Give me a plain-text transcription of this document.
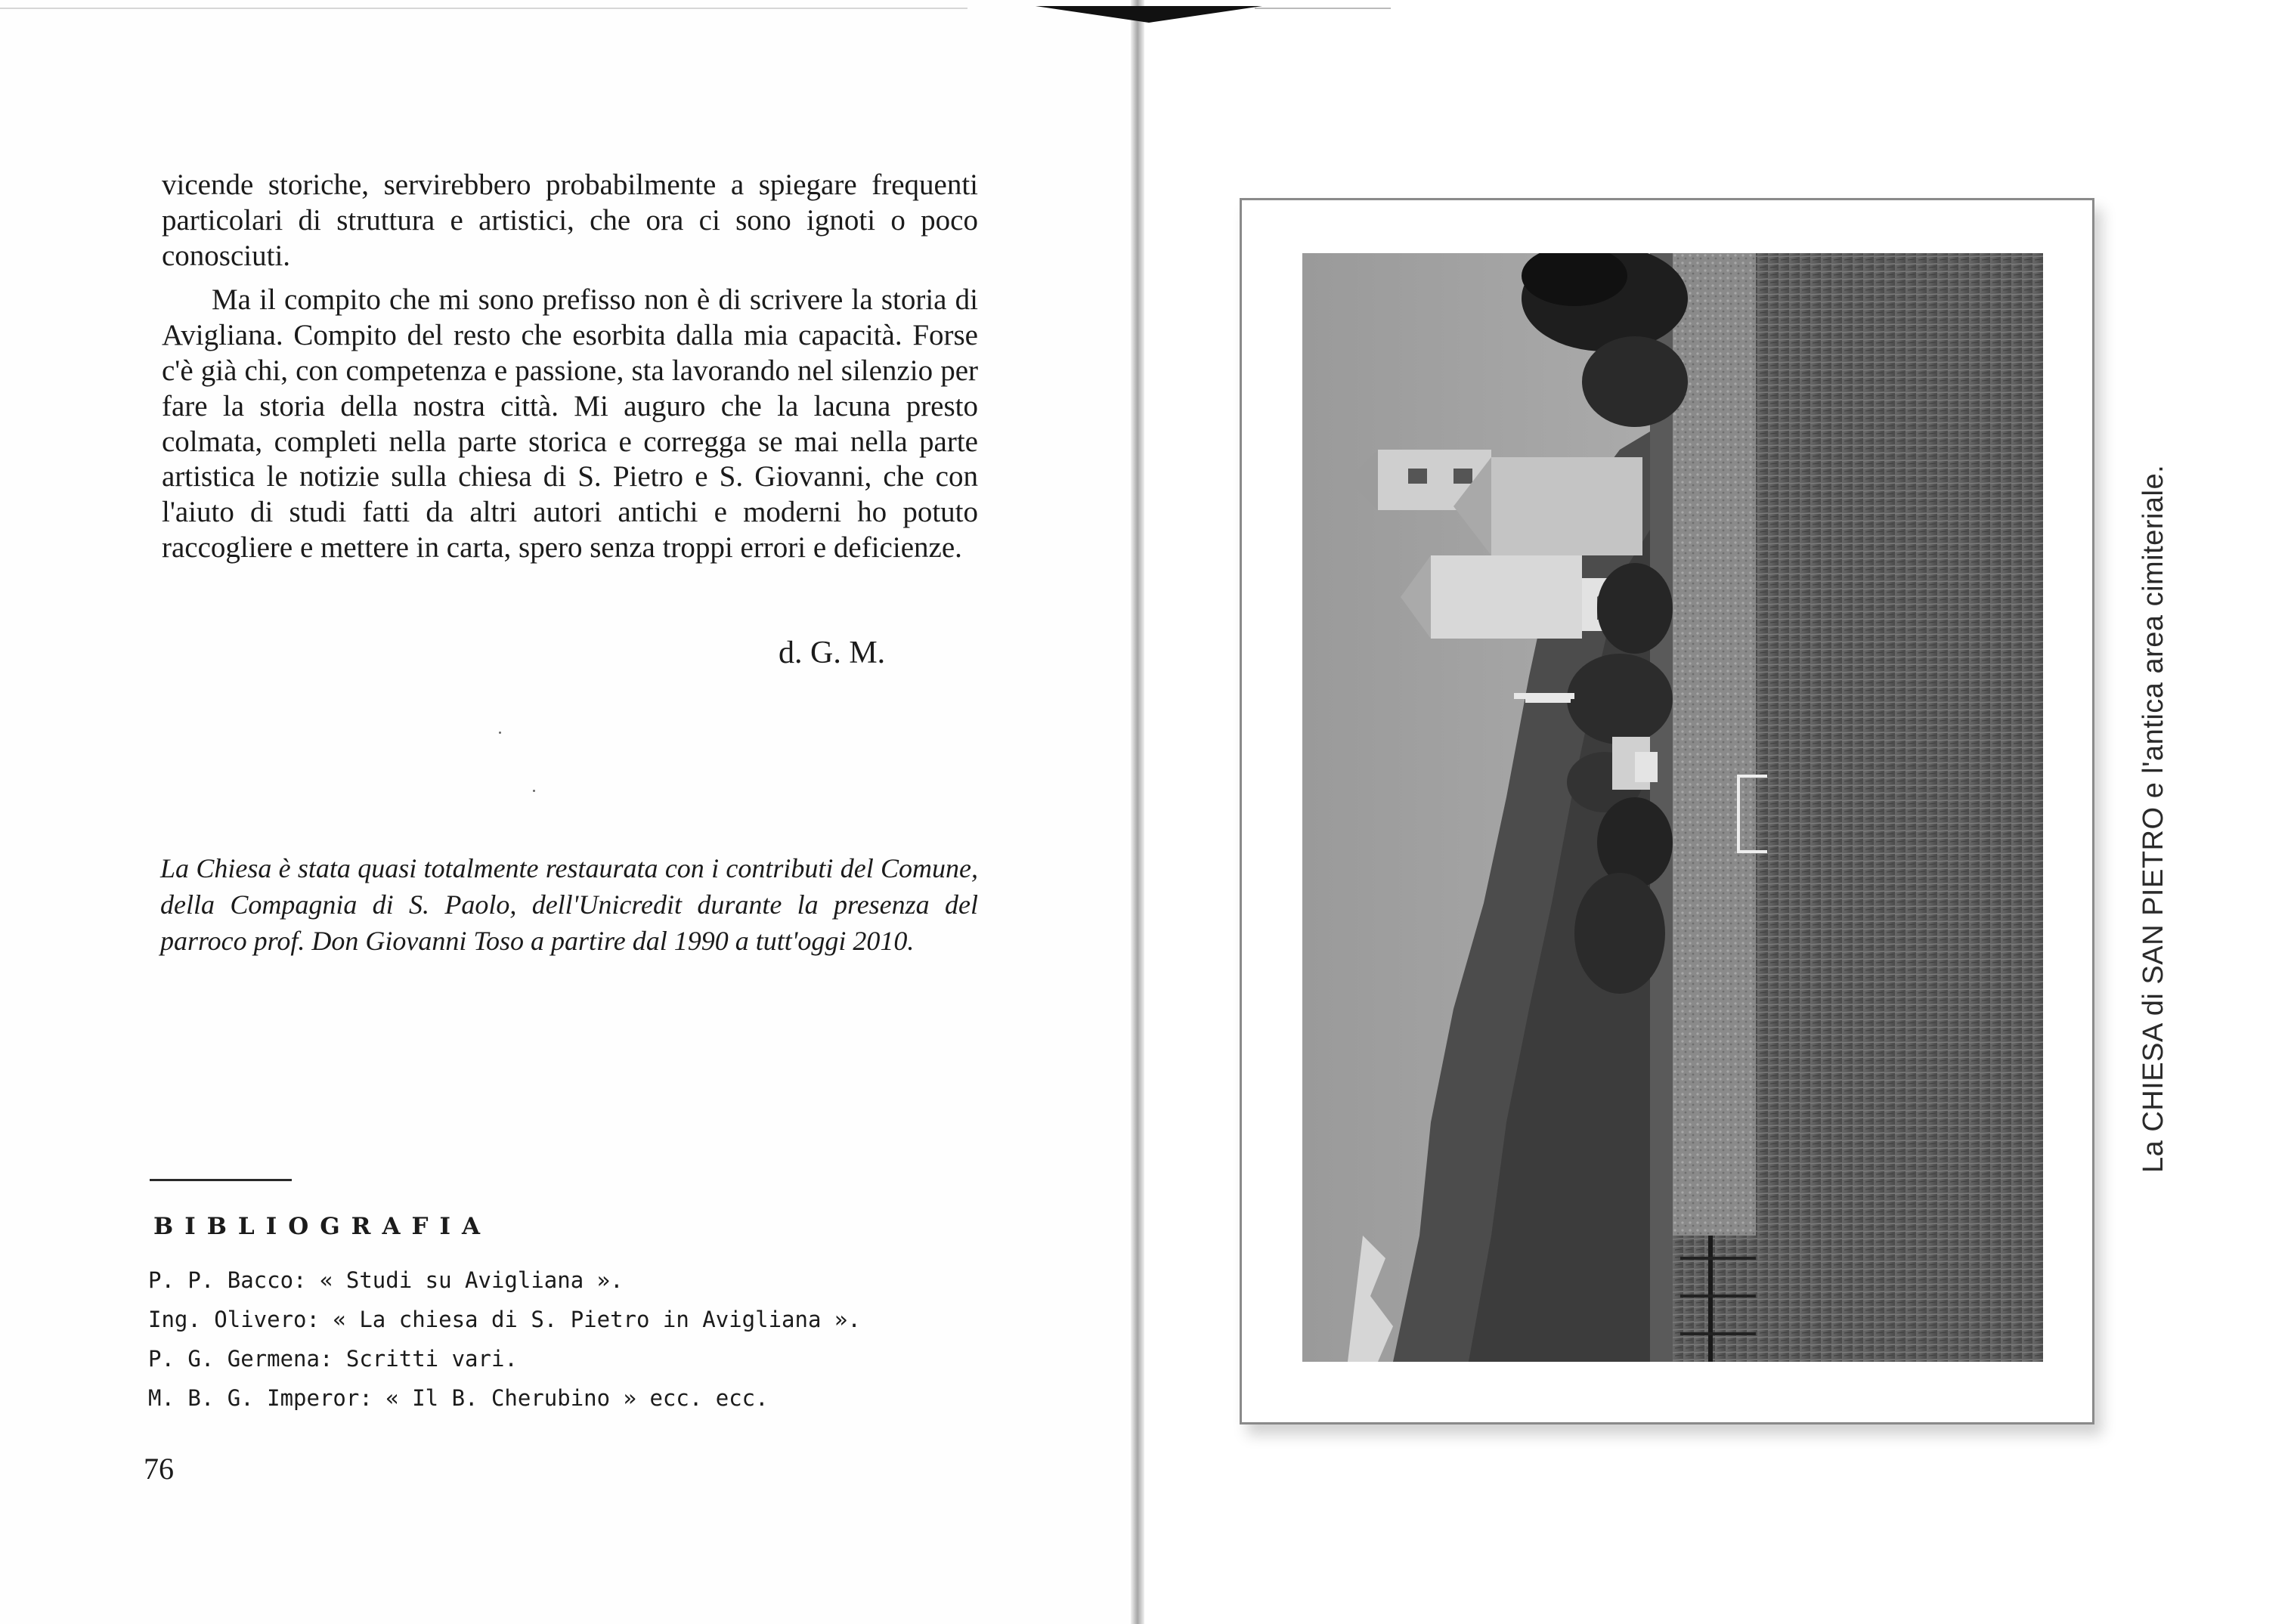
vicende storiche, servirebbero probabilmente a spiegare frequenti particolari di struttura e artistici, che ora ci sono ignoti o poco conosciuti.

Ma il compito che mi sono prefisso non è di scrivere la storia di Avigliana. Compito del resto che esorbita dalla mia capacità. Forse c'è già chi, con competenza e passione, sta lavorando nel silenzio per fare la storia della nostra città. Mi auguro che la lacuna presto colmata, completi nella parte storica e corregga se mai nella parte artistica le notizie sulla chiesa di S. Pietro e S. Giovanni, che con l'aiuto di studi fatti da altri autori antichi e moderni ho potuto raccogliere e mettere in carta, spero senza troppi errori e deficienze.

d. G. M.
La Chiesa è stata quasi totalmente restaurata con i contributi del Comune, della Compagnia di S. Paolo, dell'Unicredit durante la presenza del parroco prof. Don Giovanni Toso a partire dal 1990 a tutt'oggi 2010.
BIBLIOGRAFIA
P. P. Bacco: « Studi su Avigliana ».
Ing. Olivero: « La chiesa di S. Pietro in Avigliana ».
P. G. Germena: Scritti vari.
M. B. G. Imperor: « Il B. Cherubino » ecc. ecc.
76
La CHIESA di SAN PIETRO e l'antica area cimiteriale.
